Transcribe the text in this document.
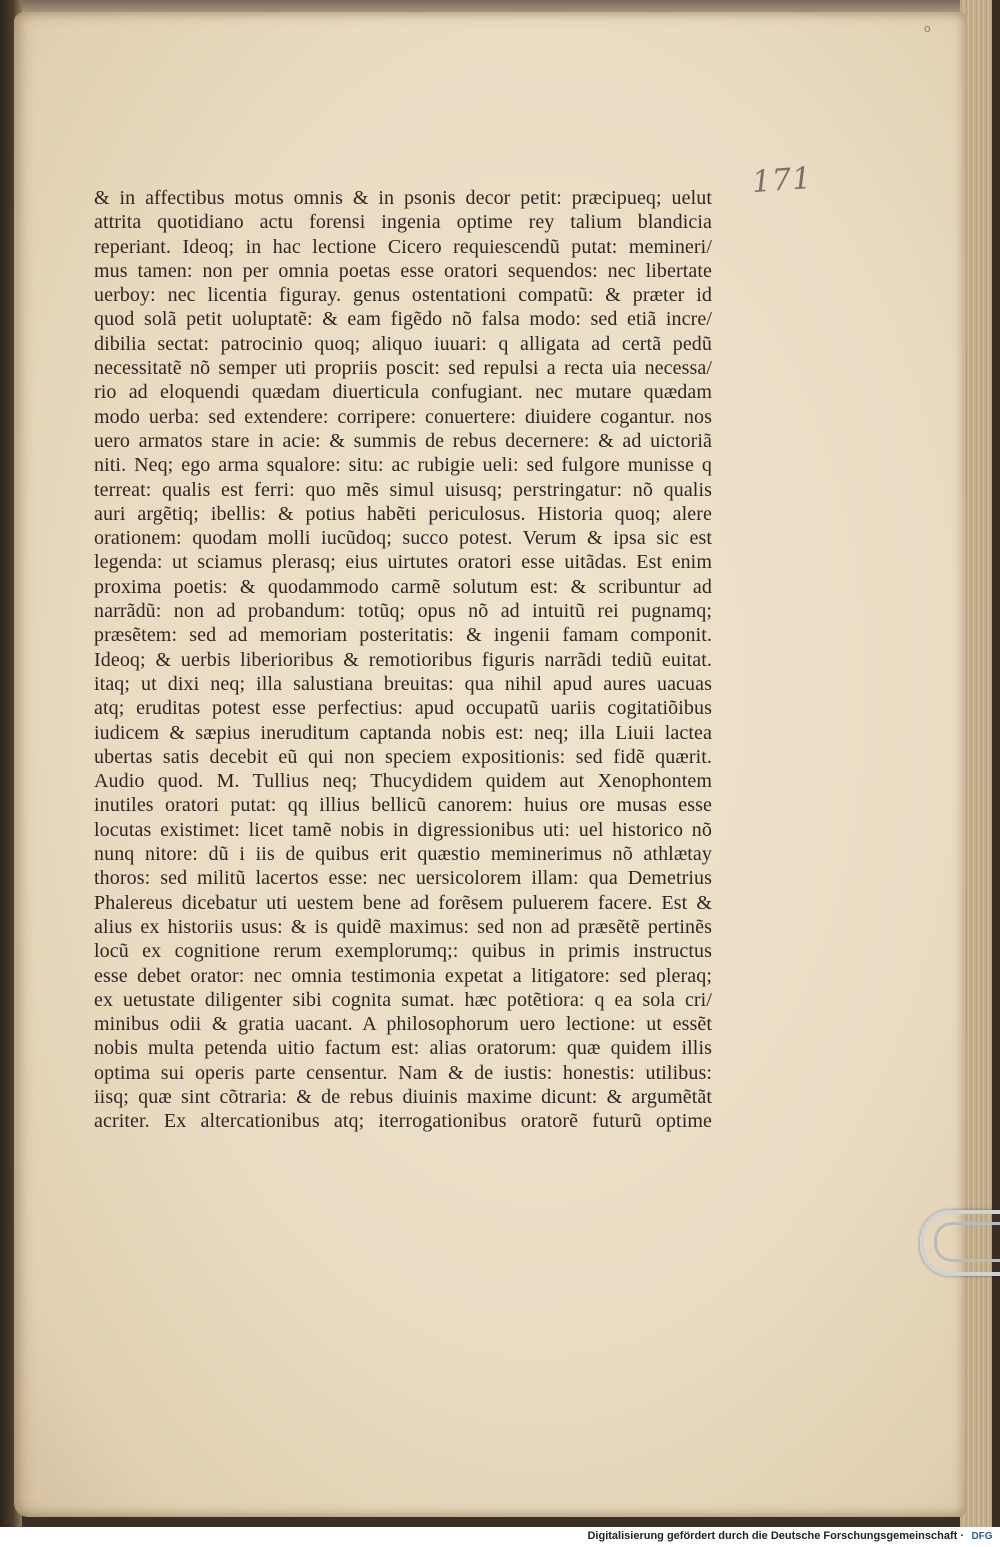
o
171
& in affectibus motus omnis & in psonis decor petit: præcipueq; uelut
attrita quotidiano actu forensi ingenia optime rey talium blandicia
reperiant. Ideoq; in hac lectione Cicero requiescendũ putat: memineri/
mus tamen: non per omnia poetas esse oratori sequendos: nec libertate
uerboy: nec licentia figuray. genus ostentationi compatũ: & præter id
quod solã petit uoluptatẽ: & eam figẽdo nõ falsa modo: sed etiã incre/
dibilia sectat: patrocinio quoq; aliquo iuuari: q alligata ad certã pedũ
necessitatẽ nõ semper uti propriis poscit: sed repulsi a recta uia necessa/
rio ad eloquendi quædam diuerticula confugiant. nec mutare quædam
modo uerba: sed extendere: corripere: conuertere: diuidere cogantur. nos
uero armatos stare in acie: & summis de rebus decernere: & ad uictoriã
niti. Neq; ego arma squalore: situ: ac rubigie ueli: sed fulgore munisse q
terreat: qualis est ferri: quo mẽs simul uisusq; perstringatur: nõ qualis
auri argẽtiq; ibellis: & potius habẽti periculosus. Historia quoq; alere
orationem: quodam molli iucũdoq; succo potest. Verum & ipsa sic est
legenda: ut sciamus plerasq; eius uirtutes oratori esse uitãdas. Est enim
proxima poetis: & quodammodo carmẽ solutum est: & scribuntur ad
narrãdũ: non ad probandum: totũq; opus nõ ad intuitũ rei pugnamq;
præsẽtem: sed ad memoriam posteritatis: & ingenii famam componit.
Ideoq; & uerbis liberioribus & remotioribus figuris narrãdi tediũ euitat.
itaq; ut dixi neq; illa salustiana breuitas: qua nihil apud aures uacuas
atq; eruditas potest esse perfectius: apud occupatũ uariis cogitatiõibus
iudicem & sæpius ineruditum captanda nobis est: neq; illa Liuii lactea
ubertas satis decebit eũ qui non speciem expositionis: sed fidẽ quærit.
Audio quod. M. Tullius neq; Thucydidem quidem aut Xenophontem
inutiles oratori putat: qq illius bellicũ canorem: huius ore musas esse
locutas existimet: licet tamẽ nobis in digressionibus uti: uel historico nõ
nunq nitore: dũ i iis de quibus erit quæstio meminerimus nõ athlætay
thoros: sed militũ lacertos esse: nec uersicolorem illam: qua Demetrius
Phalereus dicebatur uti uestem bene ad forẽsem puluerem facere. Est &
alius ex historiis usus: & is quidẽ maximus: sed non ad præsẽtẽ pertinẽs
locũ ex cognitione rerum exemplorumq;: quibus in primis instructus
esse debet orator: nec omnia testimonia expetat a litigatore: sed pleraq;
ex uetustate diligenter sibi cognita sumat. hæc potẽtiora: q ea sola cri/
minibus odii & gratia uacant. A philosophorum uero lectione: ut essẽt
nobis multa petenda uitio factum est: alias oratorum: quæ quidem illis
optima sui operis parte censentur. Nam & de iustis: honestis: utilibus:
iisq; quæ sint cõtraria: & de rebus diuinis maxime dicunt: & argumẽtãt
acriter. Ex altercationibus atq; iterrogationibus oratorẽ futurũ optime
Digitalisierung gefördert durch die Deutsche Forschungsgemeinschaft · DFG
